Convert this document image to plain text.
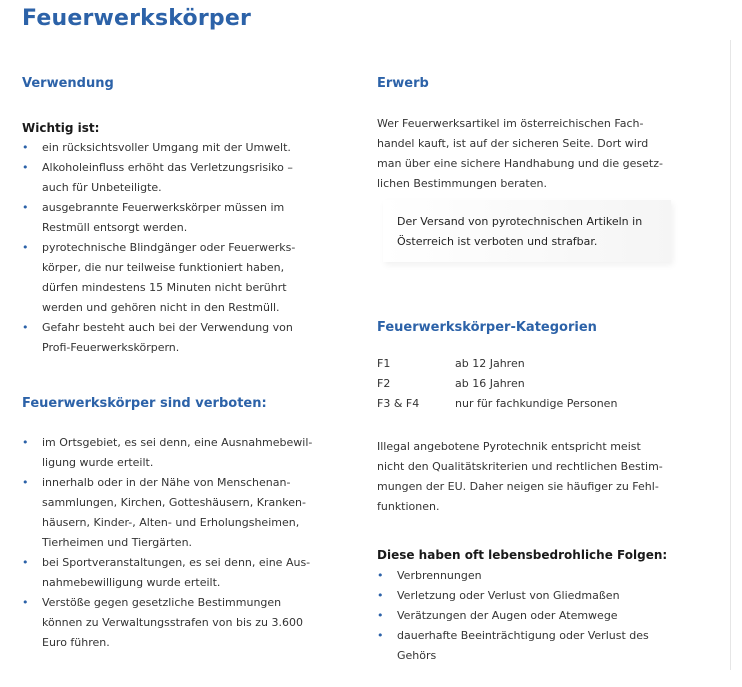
Feuerwerkskörper
Verwendung
Wichtig ist:
• ein rücksichtsvoller Umgang mit der Umwelt.
• Alkoholeinfluss erhöht das Verletzungsrisiko –
auch für Unbeteiligte.
• ausgebrannte Feuerwerkskörper müssen im
Restmüll entsorgt werden.
• pyrotechnische Blindgänger oder Feuerwerks-
körper, die nur teilweise funktioniert haben,
dürfen mindestens 15 Minuten nicht berührt
werden und gehören nicht in den Restmüll.
• Gefahr besteht auch bei der Verwendung von
Profi-Feuerwerkskörpern.
Feuerwerkskörper sind verboten:
• im Ortsgebiet, es sei denn, eine Ausnahmebewil-
ligung wurde erteilt.
• innerhalb oder in der Nähe von Menschenan-
sammlungen, Kirchen, Gotteshäusern, Kranken-
häusern, Kinder-, Alten- und Erholungsheimen,
Tierheimen und Tiergärten.
• bei Sportveranstaltungen, es sei denn, eine Aus-
nahmebewilligung wurde erteilt.
• Verstöße gegen gesetzliche Bestimmungen
können zu Verwaltungsstrafen von bis zu 3.600
Euro führen.
Erwerb

Wer Feuerwerksartikel im österreichischen Fach-
handel kauft, ist auf der sicheren Seite. Dort wird
man über eine sichere Handhabung und die gesetz-
lichen Bestimmungen beraten.

Der Versand von pyrotechnischen Artikeln in
Österreich ist verboten und strafbar.

Feuerwerkskörper-Kategorien
F1	ab 12 Jahren
F2	ab 16 Jahren
F3 & F4	nur für fachkundige Personen

Illegal angebotene Pyrotechnik entspricht meist
nicht den Qualitätskriterien und rechtlichen Bestim-
mungen der EU. Daher neigen sie häufiger zu Fehl-
funktionen.

Diese haben oft lebensbedrohliche Folgen:
• Verbrennungen
• Verletzung oder Verlust von Gliedmaßen
• Verätzungen der Augen oder Atemwege
• dauerhafte Beeinträchtigung oder Verlust des
Gehörs
